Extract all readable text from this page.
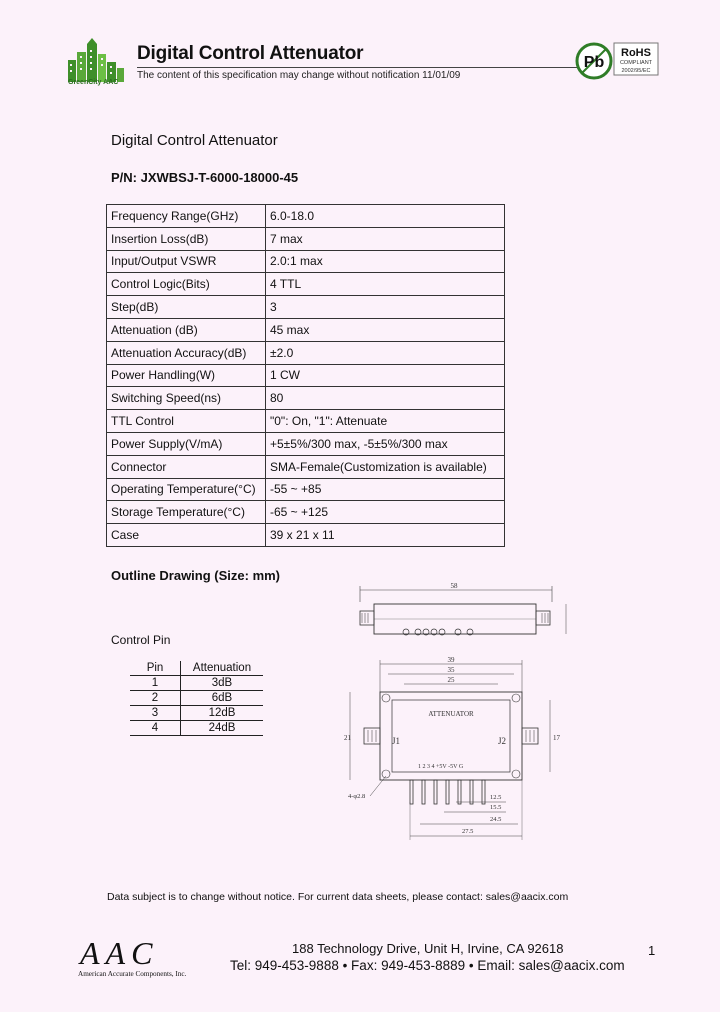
Digital Control Attenuator
The content of this specification may change without notification 11/01/09
GreenCity AAC
Pb
RoHS
COMPLIANT
2002/95/EC
Digital Control Attenuator
P/N: JXWBSJ-T-6000-18000-45
Frequency Range(GHz)	6.0-18.0
Insertion Loss(dB)	7 max
Input/Output VSWR	2.0:1 max
Control Logic(Bits)	4 TTL
Step(dB)	3
Attenuation (dB)	45 max
Attenuation Accuracy(dB)	±2.0
Power Handling(W)	1 CW
Switching Speed(ns)	80
TTL Control	"0": On, "1": Attenuate
Power Supply(V/mA)	+5±5%/300 max, -5±5%/300 max
Connector	SMA-Female(Customization is available)
Operating Temperature(°C)	-55 ~ +85
Storage Temperature(°C)	-65 ~ +125
Case	39 x 21 x 11
Outline Drawing (Size: mm)
Control Pin
Pin	Attenuation
1	3dB
2	6dB
3	12dB
4	24dB
58
39
35
25
ATTENUATOR
J1	J2
1 2 3 4 +5V -5V G
21	17
4-φ2.8	12.5
15.5
24.5
27.5
Data subject is to change without notice. For current data sheets, please contact: sales@aacix.com
AAC
American Accurate Components, Inc.
188 Technology Drive, Unit H, Irvine, CA 92618
Tel: 949-453-9888 • Fax: 949-453-8889 • Email: sales@aacix.com
1
